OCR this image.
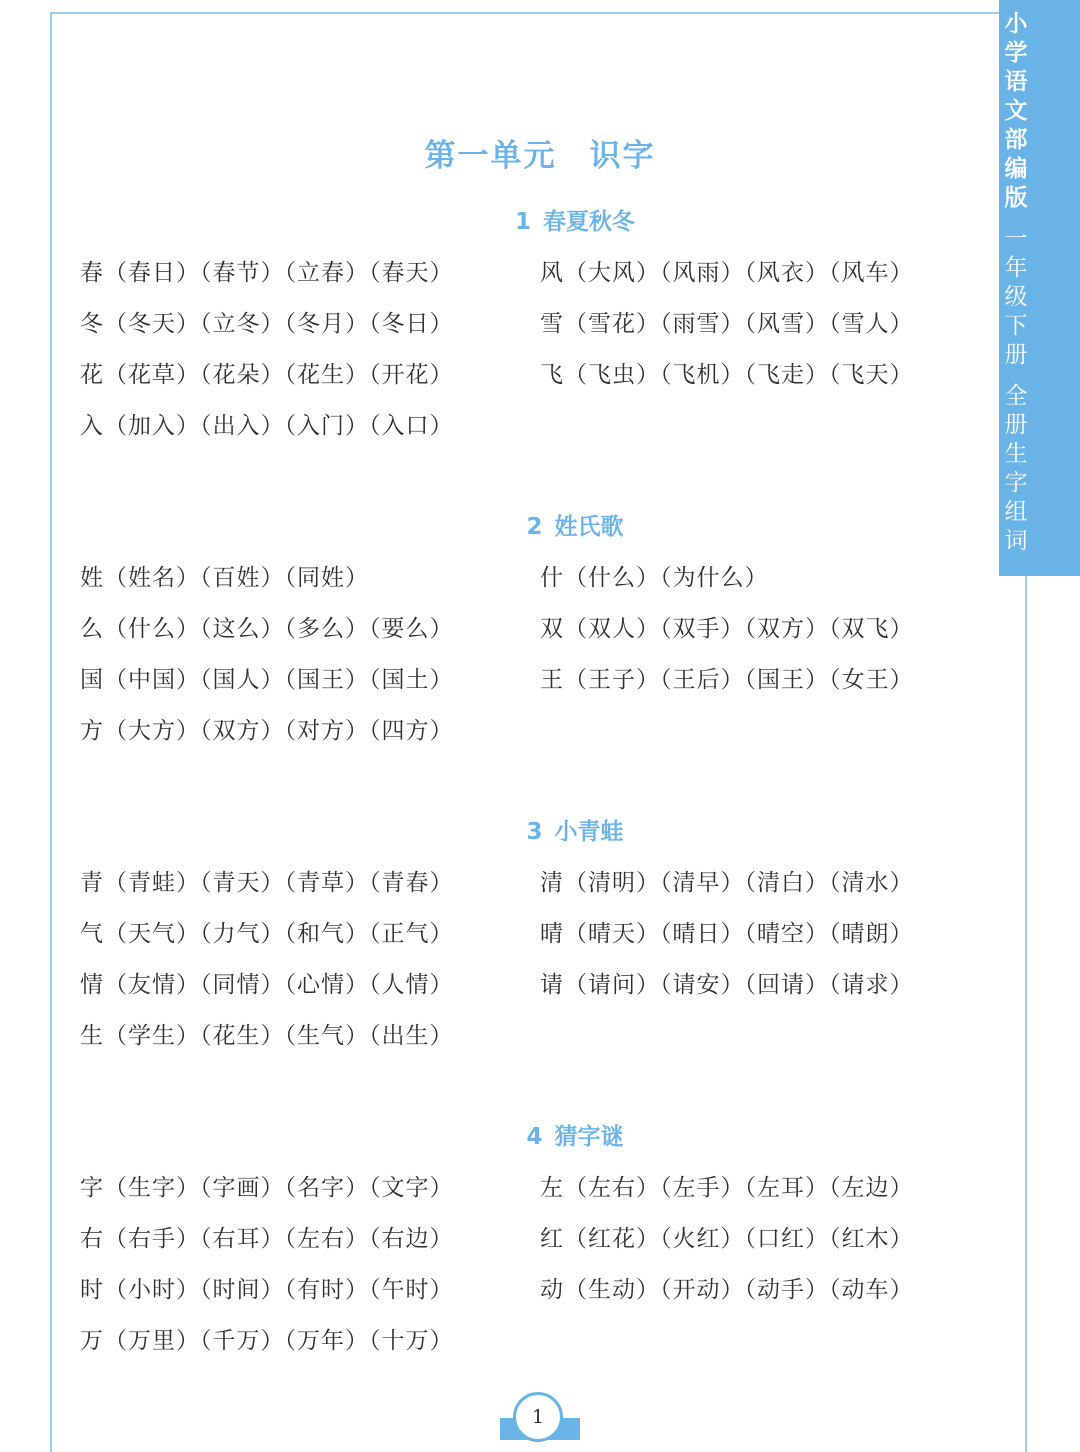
小学语文部编版
一年级下册
全册生字组词
第一单元　识字
1 春夏秋冬
春（春日）（春节）（立春）（春天）	风（大风）（风雨）（风衣）（风车）
冬（冬天）（立冬）（冬月）（冬日）	雪（雪花）（雨雪）（风雪）（雪人）
花（花草）（花朵）（花生）（开花）	飞（飞虫）（飞机）（飞走）（飞天）
入（加入）（出入）（入门）（入口）
2 姓氏歌
姓（姓名）（百姓）（同姓）	什（什么）（为什么）
么（什么）（这么）（多么）（要么）	双（双人）（双手）（双方）（双飞）
国（中国）（国人）（国王）（国土）	王（王子）（王后）（国王）（女王）
方（大方）（双方）（对方）（四方）
3 小青蛙
青（青蛙）（青天）（青草）（青春）	清（清明）（清早）（清白）（清水）
气（天气）（力气）（和气）（正气）	晴（晴天）（晴日）（晴空）（晴朗）
情（友情）（同情）（心情）（人情）	请（请问）（请安）（回请）（请求）
生（学生）（花生）（生气）（出生）
4 猜字谜
字（生字）（字画）（名字）（文字）	左（左右）（左手）（左耳）（左边）
右（右手）（右耳）（左右）（右边）	红（红花）（火红）（口红）（红木）
时（小时）（时间）（有时）（午时）	动（生动）（开动）（动手）（动车）
万（万里）（千万）（万年）（十万）
1
